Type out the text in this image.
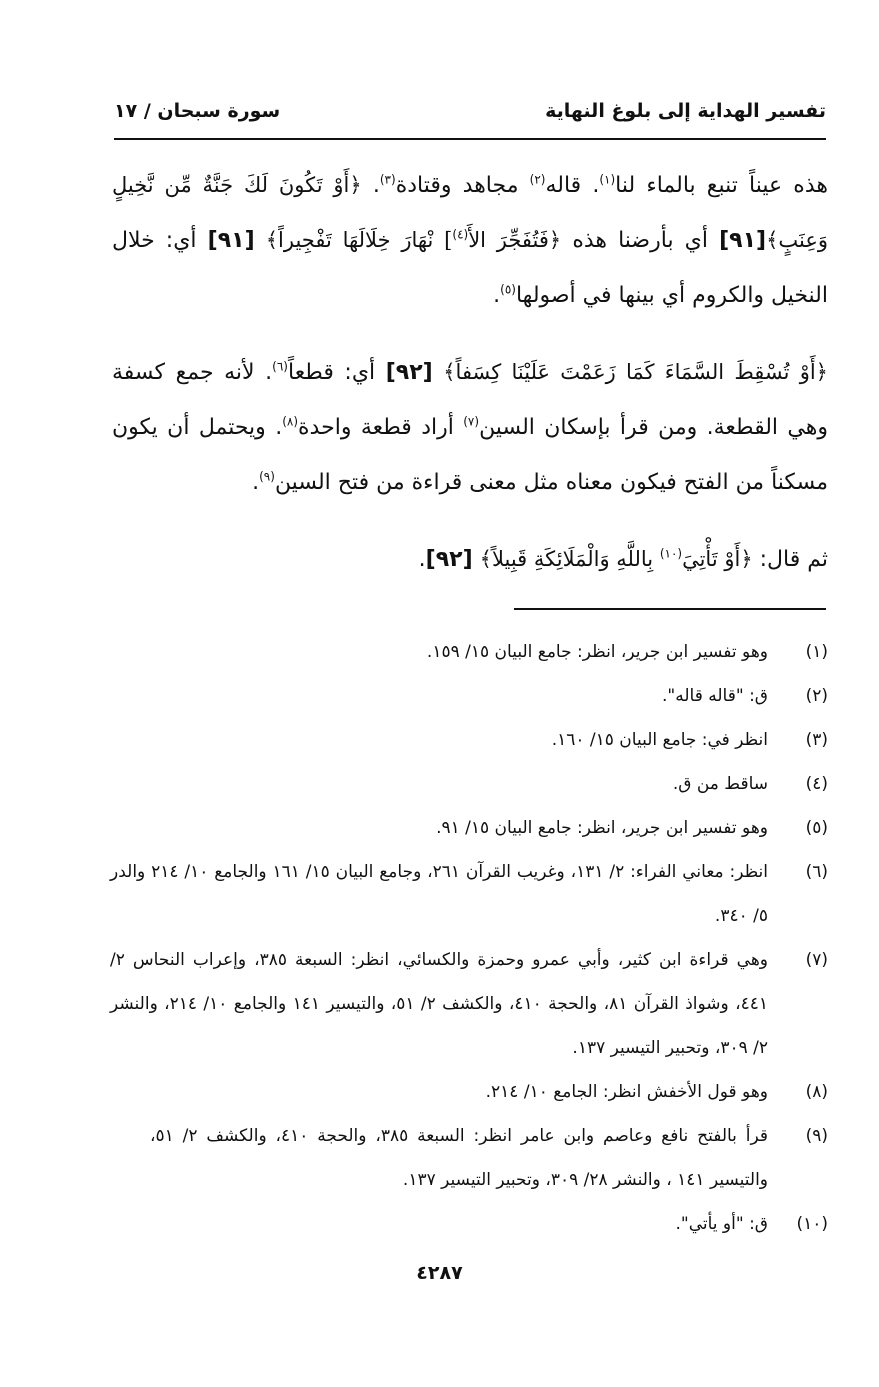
تفسير الهداية إلى بلوغ النهاية
سورة سبحان / ١٧

هذه عيناً تنبع بالماء لنا$^{(١)}$. قاله$^{(٢)}$ مجاهد وقتادة$^{(٣)}$. ﴿أَوْ تَكُونَ لَكَ جَنَّةٌ مِّن نَّخِيلٍ وَعِنَبٍ﴾[٩١] أي بأرضنا هذه ﴿فَتُفَجِّرَ الأَ$^{(٤)}$] نْهَارَ خِلَالَهَا تَفْجِيراً﴾ [٩١] أي: خلال النخيل والكروم أي بينها في أصولها$^{(٥)}$.

﴿أَوْ تُسْقِطَ السَّمَاءَ كَمَا زَعَمْتَ عَلَيْنَا كِسَفاً﴾ [٩٢] أي: قطعاً$^{(٦)}$. لأنه جمع كسفة وهي القطعة. ومن قرأ بإسكان السين$^{(٧)}$ أراد قطعة واحدة$^{(٨)}$. ويحتمل أن يكون مسكناً من الفتح فيكون معناه مثل معنى قراءة من فتح السين$^{(٩)}$.

ثم قال: ﴿أَوْ تَأْتِيَ$^{(١٠)}$ بِاللَّهِ وَالْمَلَائِكَةِ قَبِيلاً﴾ [٩٢].

(١)
وهو تفسير ابن جرير، انظر: جامع البيان ١٥/ ١٥٩.
(٢)
ق: "قاله قاله".
(٣)
انظر في: جامع البيان ١٥/ ١٦٠.
(٤)
ساقط من ق.
(٥)
وهو تفسير ابن جرير، انظر: جامع البيان ١٥/ ٩١.
(٦)
انظر: معاني الفراء: ٢/ ١٣١، وغريب القرآن ٢٦١، وجامع البيان ١٥/ ١٦١ والجامع ١٠/ ٢١٤ والدر ٥/ ٣٤٠.
(٧)
وهي قراءة ابن كثير، وأبي عمرو وحمزة والكسائي، انظر: السبعة ٣٨٥، وإعراب النحاس ٢/ ٤٤١، وشواذ القرآن ٨١، والحجة ٤١٠، والكشف ٢/ ٥١، والتيسير ١٤١ والجامع ١٠/ ٢١٤، والنشر ٢/ ٣٠٩، وتحبير التيسير ١٣٧.
(٨)
وهو قول الأخفش انظر: الجامع ١٠/ ٢١٤.
(٩)
قرأ بالفتح نافع وعاصم وابن عامر انظر: السبعة ٣٨٥، والحجة ٤١٠، والكشف ٢/ ٥١، والتيسير ١٤١ ، والنشر ٢٨/ ٣٠٩، وتحبير التيسير ١٣٧.
(١٠)
ق: "أو يأتي".
٤٢٨٧
